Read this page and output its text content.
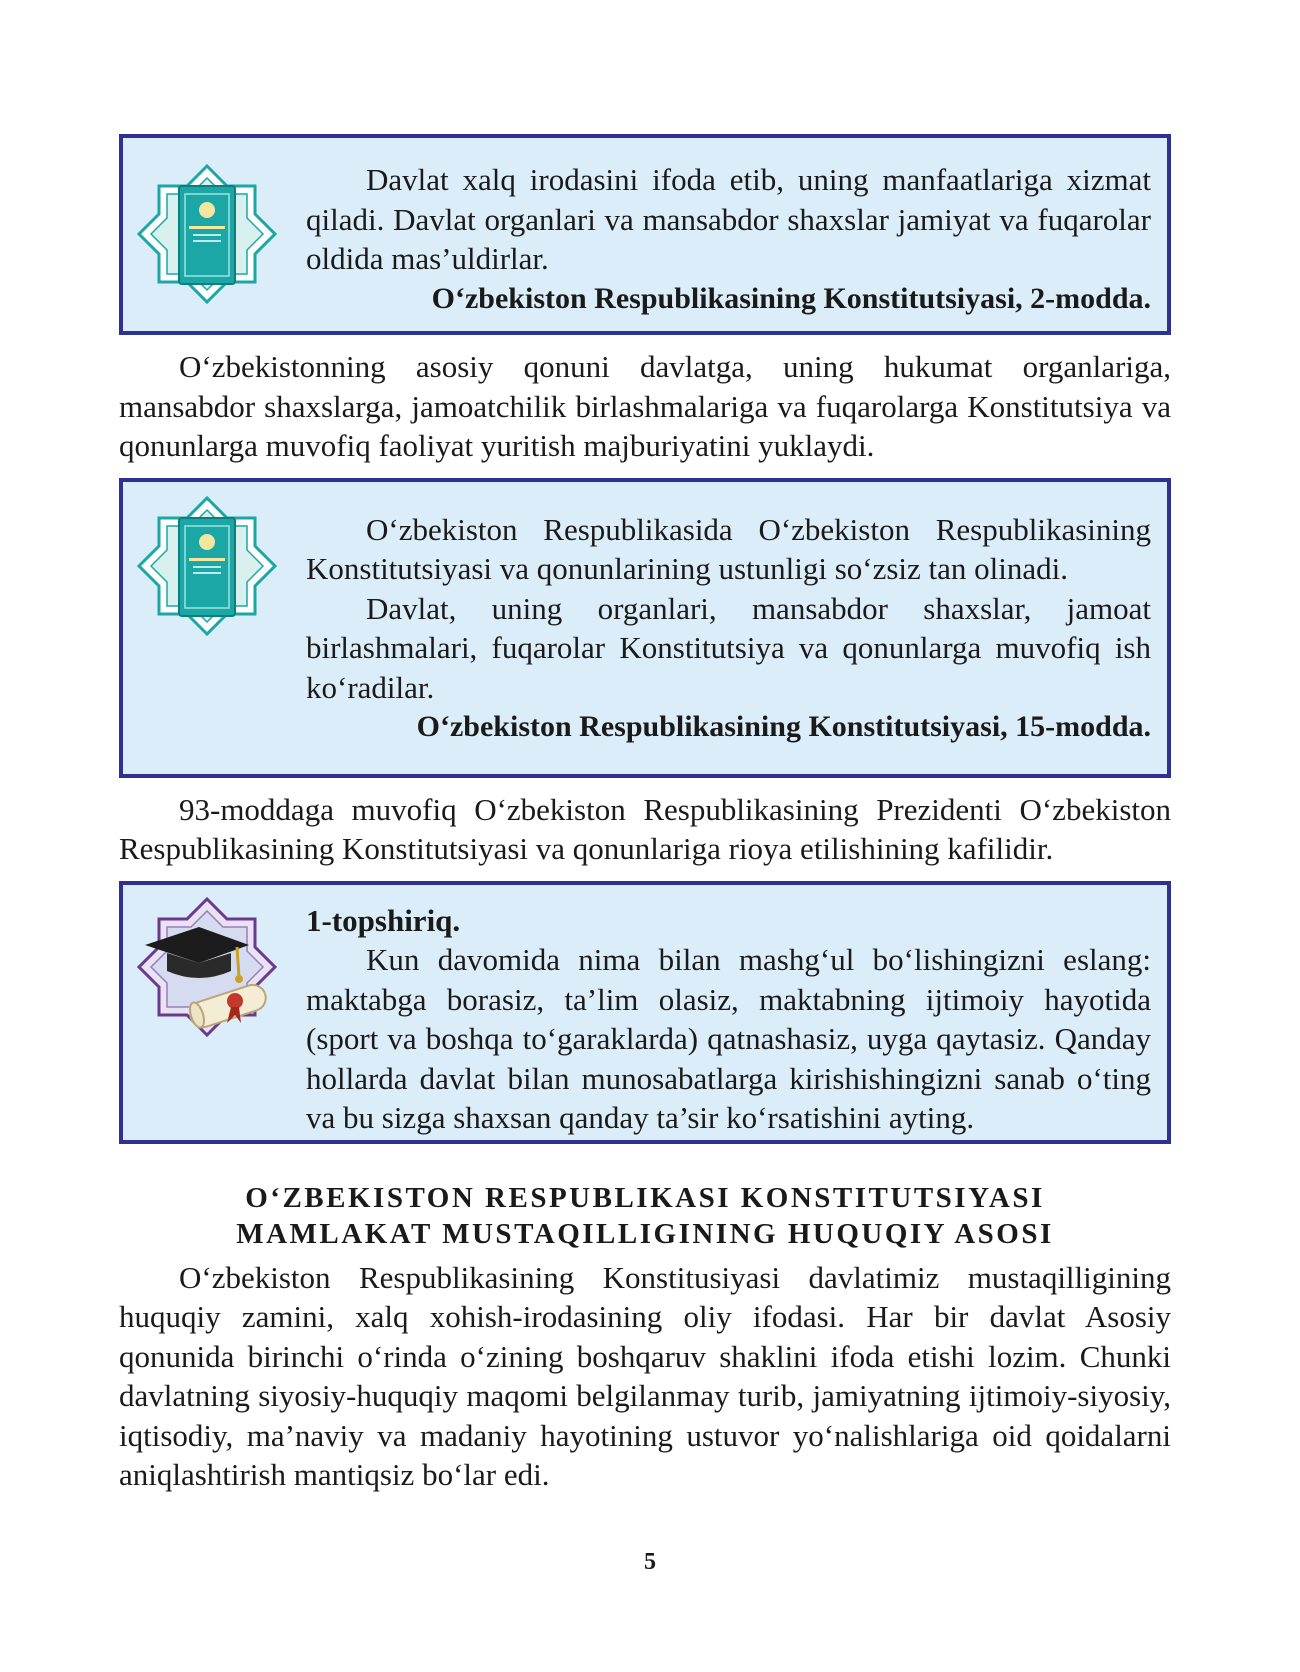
Davlat xalq irodasini ifoda etib, uning manfaatlariga xizmat qiladi. Davlat organlari va mansabdor shaxslar jamiyat va fuqarolar oldida mas’uldirlar.

O‘zbekiston Respublikasining Konstitutsiyasi, 2-modda.

O‘zbekistonning asosiy qonuni davlatga, uning hukumat organlariga, mansabdor shaxslarga, jamoatchilik birlashmalariga va fuqarolarga Konstitutsiya va qonunlarga muvofiq faoliyat yuritish majburiyatini yuklaydi.

O‘zbekiston Respublikasida O‘zbekiston Respublikasining Konstitutsiyasi va qonunlarining ustunligi so‘zsiz tan olinadi.

Davlat, uning organlari, mansabdor shaxslar, jamoat birlashmalari, fuqarolar Konstitutsiya va qonunlarga muvofiq ish ko‘radilar.

O‘zbekiston Respublikasining Konstitutsiyasi, 15-modda.

93-moddaga muvofiq O‘zbekiston Respublikasining Prezidenti O‘zbekiston Respublikasining Konstitutsiyasi va qonunlariga rioya etilishining kafilidir.

1-topshiriq.

Kun davomida nima bilan mashg‘ul bo‘lishingizni eslang: maktabga borasiz, ta’lim olasiz, maktabning ijtimoiy hayotida (sport va boshqa to‘garaklarda) qatnashasiz, uyga qaytasiz. Qanday hollarda davlat bilan munosabatlarga kirishishingizni sanab o‘ting va bu sizga shaxsan qanday ta’sir ko‘rsatishini ayting.

O‘ZBEKISTON RESPUBLIKASI KONSTITUTSIYASI

MAMLAKAT MUSTAQILLIGINING HUQUQIY ASOSI

O‘zbekiston Respublikasining Konstitusiyasi davlatimiz mustaqilligining huquqiy zamini, xalq xohish-irodasining oliy ifodasi. Har bir davlat Asosiy qonunida birinchi o‘rinda o‘zining boshqaruv shaklini ifoda etishi lozim. Chunki davlatning siyosiy-huquqiy maqomi belgilanmay turib, jamiyatning ijtimoiy-siyosiy, iqtisodiy, ma’naviy va madaniy hayotining ustuvor yo‘nalishlariga oid qoidalarni aniqlashtirish mantiqsiz bo‘lar edi.

5
